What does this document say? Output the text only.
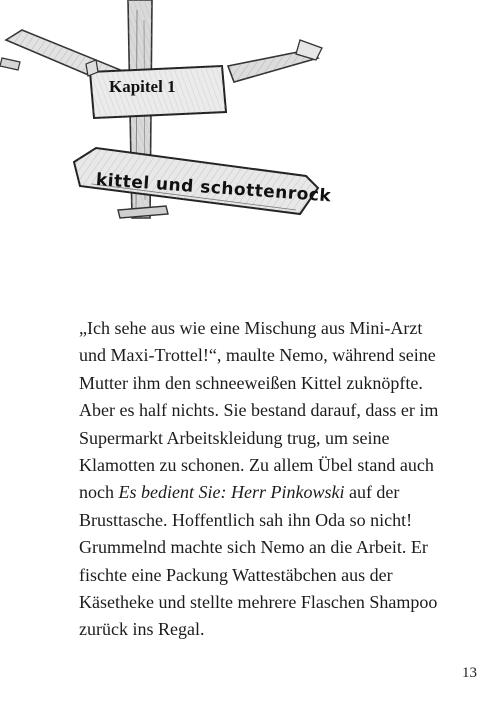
Kapitel 1
kittel und schottenrock
„Ich sehe aus wie eine Mischung aus Mini-Arzt
und Maxi-Trottel!“, maulte Nemo, während seine
Mutter ihm den schneeweißen Kittel zuknöpfte.
Aber es half nichts. Sie bestand darauf, dass er im
Supermarkt Arbeitskleidung trug, um seine
Klamotten zu schonen. Zu allem Übel stand auch
noch Es bedient Sie: Herr Pinkowski auf der
Brusttasche. Hoffentlich sah ihn Oda so nicht!
Grummelnd machte sich Nemo an die Arbeit. Er
fischte eine Packung Wattestäbchen aus der
Käsetheke und stellte mehrere Flaschen Shampoo
zurück ins Regal.
13
